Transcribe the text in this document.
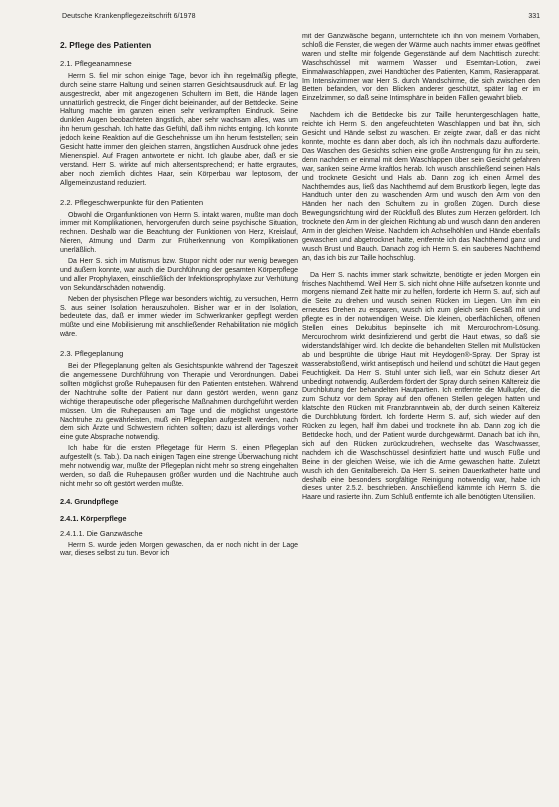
Deutsche Krankenpflegezeitschrift 6/1978	331
2. Pflege des Patienten
2.1. Pflegeanamnese
Herrn S. fiel mir schon einige Tage, bevor ich ihn regelmäßig pflegte, durch seine starre Haltung und seinen starren Gesichtsausdruck auf. Er lag ausgestreckt, aber mit angezogenen Schultern im Bett, die Hände lagen unnatürlich gestreckt, die Finger dicht beieinander, auf der Bettdecke. Seine Haltung machte im ganzen einen sehr verkrampften Eindruck. Seine dunklen Augen beobachteten ängstlich, aber sehr wachsam alles, was um ihn herum geschah. Ich hatte das Gefühl, daß ihm nichts entging. Ich konnte jedoch keine Reaktion auf die Geschehnisse um ihn herum feststellen; sein Gesicht hatte immer den gleichen starren, ängstlichen Ausdruck ohne jedes Mienenspiel. Auf Fragen antwortete er nicht. Ich glaube aber, daß er sie verstand. Herr S. wirkte auf mich altersentsprechend; er hatte ergrautes, aber noch ziemlich dichtes Haar, sein Körperbau war leptosom, der Allgemeinzustand reduziert.
2.2. Pflegeschwerpunkte für den Patienten
Obwohl die Organfunktionen von Herrn S. intakt waren, mußte man doch immer mit Komplikationen, hervorgerufen durch seine psychische Situation, rechnen. Deshalb war die Beachtung der Funktionen von Herz, Kreislauf, Nieren, Atmung und Darm zur Früherkennung von Komplikationen unerläßlich.
Da Herr S. sich im Mutismus bzw. Stupor nicht oder nur wenig bewegen und äußern konnte, war auch die Durchführung der gesamten Körperpflege und aller Prophylaxen, einschließlich der Infektionsprophylaxe zur Verhütung von Sekundärschäden notwendig.
Neben der physischen Pflege war besonders wichtig, zu versuchen, Herrn S. aus seiner Isolation herauszuholen. Bisher war er in der Isolation, bedeutete das, daß er immer wieder im Schwerkranker gepflegt werden müßte und eine Mobilisierung mit anschließender Rehabilitation nie möglich wäre.
2.3. Pflegeplanung
Bei der Pflegeplanung gelten als Gesichtspunkte während der Tageszeit die angemessene Durchführung von Therapie und Verordnungen. Dabei sollten möglichst große Ruhepausen für den Patienten entstehen. Während der Nachtruhe sollte der Patient nur dann gestört werden, wenn ganz wichtige therapeutische oder pflegerische Maßnahmen durchgeführt werden müssen. Um die Ruhepausen am Tage und die möglichst ungestörte Nachtruhe zu gewährleisten, muß ein Pflegeplan aufgestellt werden, nach dem sich Ärzte und Schwestern richten sollten; dazu ist allerdings vorher eine gute Absprache notwendig.
Ich habe für die ersten Pflegetage für Herrn S. einen Pflegeplan aufgestellt (s. Tab.). Da nach einigen Tagen eine strenge Überwachung nicht mehr notwendig war, mußte der Pflegeplan nicht mehr so streng eingehalten werden, so daß die Ruhepausen größer wurden und die Nachtruhe auch nicht mehr so oft gestört werden mußte.
2.4. Grundpflege
2.4.1. Körperpflege
2.4.1.1. Die Ganzwäsche
Herrn S. wurde jeden Morgen gewaschen, da er noch nicht in der Lage war, dieses selbst zu tun. Bevor ich
mit der Ganzwäsche begann, unterrichtete ich ihn von meinem Vorhaben, schloß die Fenster, die wegen der Wärme auch nachts immer etwas geöffnet waren und stellte mir folgende Gegenstände auf dem Nachttisch zurecht: Waschschüssel mit warmem Wasser und Esemtan-Lotion, zwei Einmalwaschlappen, zwei Handtücher des Patienten, Kamm, Rasierapparat. Im Intensivzimmer war Herr S. durch Wandschirme, die sich zwischen den Betten befanden, vor den Blicken anderer geschützt, später lag er im Einzelzimmer, so daß seine Intimsphäre in beiden Fällen gewahrt blieb.
Nachdem ich die Bettdecke bis zur Taille heruntergeschlagen hatte, reichte ich Herrn S. den angefeuchteten Waschlappen und bat ihn, sich Gesicht und Hände selbst zu waschen. Er zeigte zwar, daß er das nicht konnte, mochte es dann aber doch, als ich ihn nochmals dazu aufforderte. Das Waschen des Gesichts schien eine große Anstrengung für ihn zu sein, denn nachdem er einmal mit dem Waschlappen über sein Gesicht gefahren war, sanken seine Arme kraftlos herab. Ich wusch anschließend seinen Hals und trocknete Gesicht und Hals ab. Dann zog ich einen Ärmel des Nachthemdes aus, ließ das Nachthemd auf dem Brustkorb liegen, legte das Handtuch unter den zu waschenden Arm und wusch den Arm von den Händen her nach den Schultern zu in großen Zügen. Durch diese Bewegungsrichtung wird der Rückfluß des Blutes zum Herzen gefördert. Ich trocknete den Arm in der gleichen Richtung ab und wusch dann den anderen Arm in der gleichen Weise. Nachdem ich Achselhöhlen und Hände ebenfalls gewaschen und abgetrocknet hatte, entfernte ich das Nachthemd ganz und wusch Brust und Bauch. Danach zog ich Herrn S. ein sauberes Nachthemd an, das ich bis zur Taille hochschlug.
Da Herr S. nachts immer stark schwitzte, benötigte er jeden Morgen ein frisches Nachthemd. Weil Herr S. sich nicht ohne Hilfe aufsetzen konnte und morgens niemand Zeit hatte mir zu helfen, forderte ich Herrn S. auf, sich auf die Seite zu drehen und wusch seinen Rücken im Liegen. Um ihm ein erneutes Drehen zu ersparen, wusch ich zum gleich sein Gesäß mit und pflegte es in der notwendigen Weise. Die kleinen, oberflächlichen, offenen Stellen eines Dekubitus bepinselte ich mit Mercurochrom-Lösung. Mercurochrom wirkt desinfizierend und gerbt die Haut etwas, so daß sie widerstandsfähiger wird. Ich deckte die behandelten Stellen mit Mullstücken ab und besprühte die übrige Haut mit Heydogen®-Spray. Der Spray ist wasserabstoßend, wirkt antiseptisch und heilend und schützt die Haut gegen Feuchtigkeit. Da Herr S. Stuhl unter sich ließ, war ein Schutz dieser Art unbedingt notwendig. Außerdem fördert der Spray durch seinen Kältereiz die Durchblutung der behandelten Hautpartien. Ich entfernte die Mullupfer, die zum Schutz vor dem Spray auf den offenen Stellen gelegen hatten und klatschte den Rücken mit Franzbranntwein ab, der durch seinen Kältereiz die Durchblutung fördert. Ich forderte Herrn S. auf, sich wieder auf den Rücken zu legen, half ihm dabei und trocknete ihn ab. Dann zog ich die Bettdecke hoch, und der Patient wurde durchgewärmt. Danach bat ich ihn, sich auf den Rücken zurückzudrehen, wechselte das Waschwasser, nachdem ich die Waschschüssel desinfiziert hatte und wusch Füße und Beine in der gleichen Weise, wie ich die Arme gewaschen hatte. Zuletzt wusch ich den Genitalbereich. Da Herr S. seinen Dauerkatheter hatte und deshalb eine besonders sorgfältige Reinigung notwendig war, habe ich dieses unter 2.5.2. beschrieben. Anschließend kämmte ich Herrn S. die Haare und rasierte ihn. Zum Schluß entfernte ich alle benötigten Utensilien.
